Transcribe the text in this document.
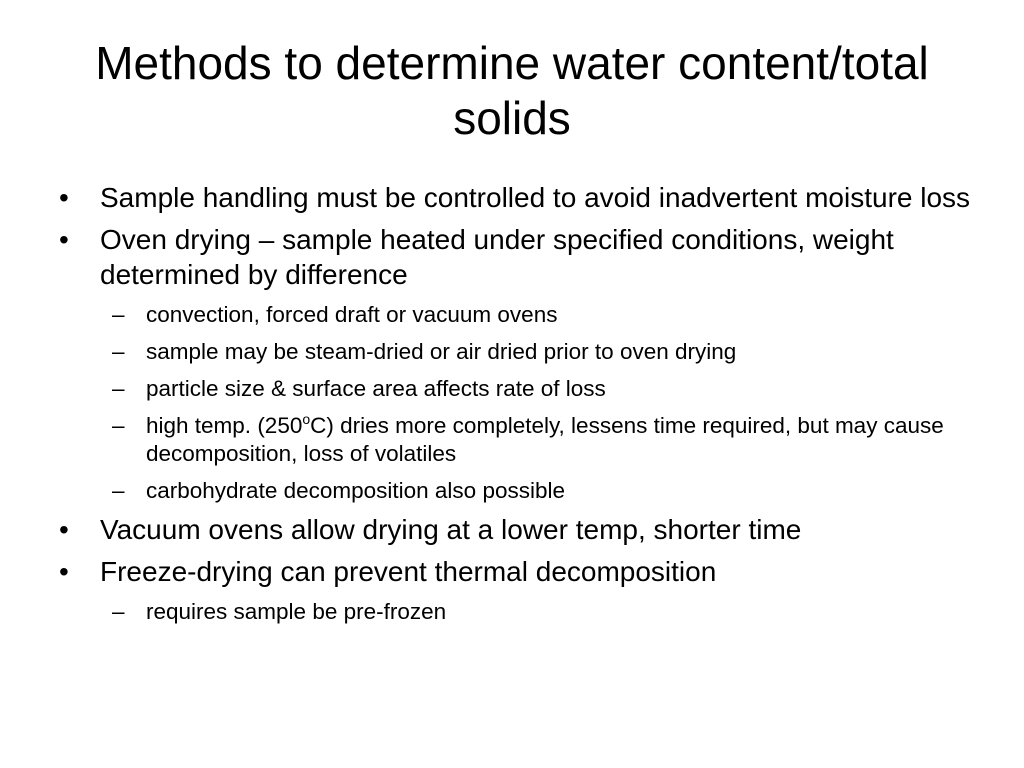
Methods to determine water content/total solids
• Sample handling must be controlled to avoid inadvertent moisture loss
• Oven drying – sample heated under specified conditions, weight determined by difference
– convection, forced draft or vacuum ovens
– sample may be steam-dried or air dried prior to oven drying
– particle size & surface area affects rate of loss
– high temp. (250$^o$C) dries more completely, lessens time required, but may cause decomposition, loss of volatiles
– carbohydrate decomposition also possible
• Vacuum ovens allow drying at a lower temp, shorter time
• Freeze-drying can prevent thermal decomposition
– requires sample be pre-frozen
